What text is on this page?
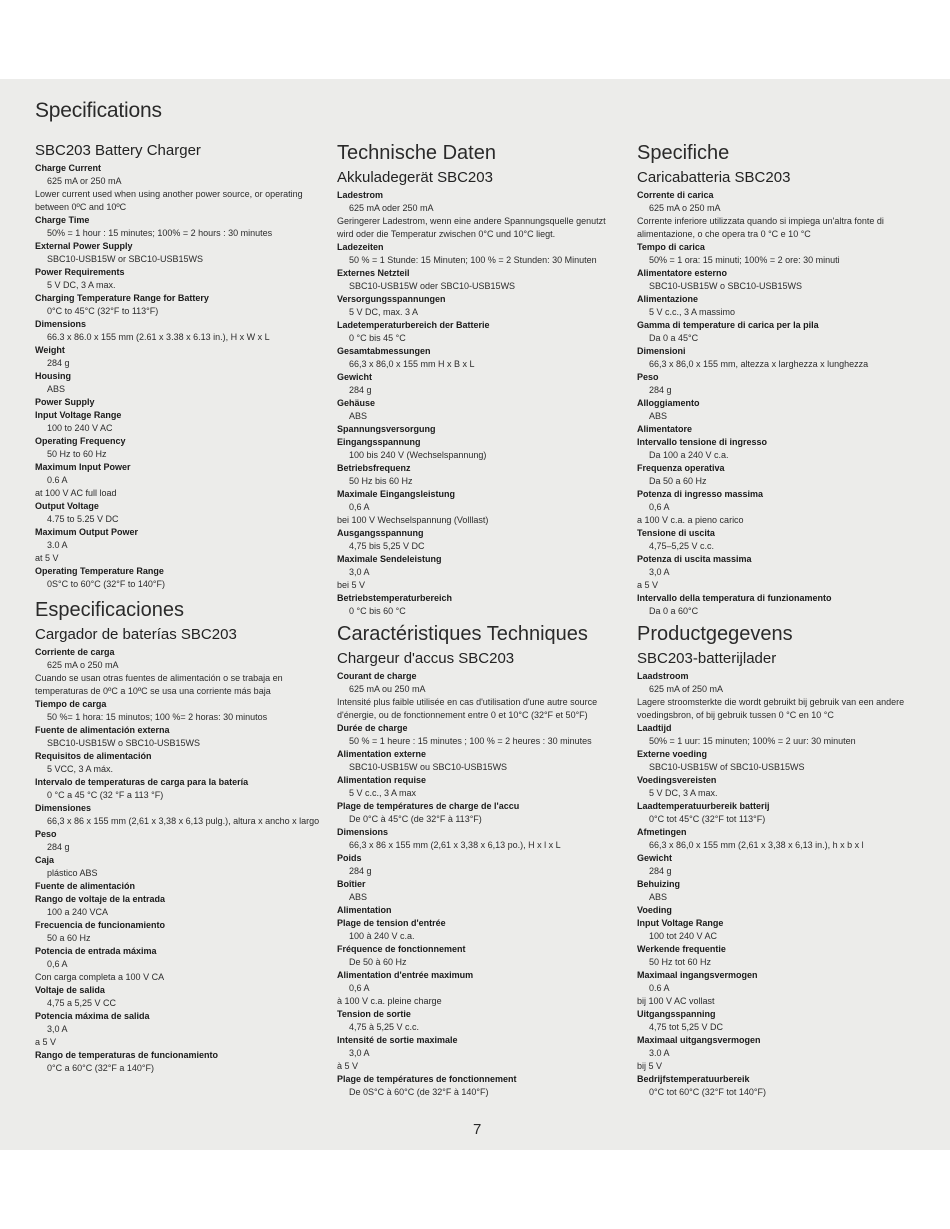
Specifications
SBC203 Battery Charger
Charge Current
625 mA or 250 mA
Lower current used when using another power source, or operating between 0ºC and 10ºC
Charge Time
50% = 1 hour : 15 minutes; 100% = 2 hours : 30 minutes
External Power Supply
SBC10-USB15W or SBC10-USB15WS
Power Requirements
5 V DC, 3 A max.
Charging Temperature Range for Battery
0°C to 45°C (32°F to 113°F)
Dimensions
66.3 x 86.0 x 155 mm (2.61 x 3.38 x 6.13 in.), H x W x L
Weight
284 g
Housing
ABS
Power Supply
Input Voltage Range
100 to 240 V AC
Operating Frequency
50 Hz to 60 Hz
Maximum Input Power
0.6 A
at 100 V AC full load
Output Voltage
4.75 to 5.25 V DC
Maximum Output Power
3.0 A
at 5 V
Operating Temperature Range
0S°C to 60°C (32°F to 140°F)
Technische Daten
Akkuladegerät SBC203
Ladestrom
625 mA oder 250 mA
Geringerer Ladestrom, wenn eine andere Spannungsquelle genutzt wird oder die Temperatur zwischen 0°C und 10°C liegt.
Ladezeiten
50 % = 1 Stunde: 15 Minuten; 100 % = 2 Stunden: 30 Minuten
Externes Netzteil
SBC10-USB15W oder SBC10-USB15WS
Versorgungsspannungen
5 V DC, max. 3 A
Ladetemperaturbereich der Batterie
0 °C bis 45 °C
Gesamtabmessungen
66,3 x 86,0 x 155 mm H x B x L
Gewicht
284 g
Gehäuse
ABS
Spannungsversorgung
Eingangsspannung
100 bis 240 V (Wechselspannung)
Betriebsfrequenz
50 Hz bis 60 Hz
Maximale Eingangsleistung
0,6 A
bei 100 V Wechselspannung (Volllast)
Ausgangsspannung
4,75 bis 5,25 V DC
Maximale Sendeleistung
3,0 A
bei 5 V
Betriebstemperaturbereich
0 °C bis 60 °C
Specifiche
Caricabatteria SBC203
Corrente di carica
625 mA o 250 mA
Corrente inferiore utilizzata quando si impiega un'altra fonte di alimentazione, o che opera tra 0 °C e 10 °C
Tempo di carica
50% = 1 ora: 15 minuti; 100% = 2 ore: 30 minuti
Alimentatore esterno
SBC10-USB15W o SBC10-USB15WS
Alimentazione
5 V c.c., 3 A massimo
Gamma di temperature di carica per la pila
Da 0 a 45°C
Dimensioni
66,3 x 86,0 x 155 mm, altezza x larghezza x lunghezza
Peso
284 g
Alloggiamento
ABS
Alimentatore
Intervallo tensione di ingresso
Da 100 a 240 V c.a.
Frequenza operativa
Da 50 a 60 Hz
Potenza di ingresso massima
0,6 A
a 100 V c.a. a pieno carico
Tensione di uscita
4,75–5,25 V c.c.
Potenza di uscita massima
3,0 A
a 5 V
Intervallo della temperatura di funzionamento
Da 0 a 60°C
Especificaciones
Cargador de baterías SBC203
Corriente de carga
625 mA o 250 mA
Cuando se usan otras fuentes de alimentación o se trabaja en temperaturas de 0ºC a 10ºC se usa una corriente más baja
Tiempo de carga
50 %= 1 hora: 15 minutos; 100 %= 2 horas: 30 minutos
Fuente de alimentación externa
SBC10-USB15W o SBC10-USB15WS
Requisitos de alimentación
5 VCC, 3 A máx.
Intervalo de temperaturas de carga para la batería
0 °C a 45 °C (32 °F a 113 °F)
Dimensiones
66,3 x 86 x 155 mm (2,61 x 3,38 x 6,13 pulg.), altura x ancho x largo
Peso
284 g
Caja
plástico ABS
Fuente de alimentación
Rango de voltaje de la entrada
100 a 240 VCA
Frecuencia de funcionamiento
50 a 60 Hz
Potencia de entrada máxima
0,6 A
Con carga completa a 100 V CA
Voltaje de salida
4,75 a 5,25 V CC
Potencia máxima de salida
3,0 A
a 5 V
Rango de temperaturas de funcionamiento
0°C a 60°C (32°F a 140°F)
Caractéristiques Techniques
Chargeur d'accus SBC203
Courant de charge
625 mA ou 250 mA
Intensité plus faible utilisée en cas d'utilisation d'une autre source d'énergie, ou de fonctionnement entre 0 et 10°C (32°F et 50°F)
Durée de charge
50 % = 1 heure : 15 minutes ; 100 % = 2 heures : 30 minutes
Alimentation externe
SBC10-USB15W ou SBC10-USB15WS
Alimentation requise
5 V c.c., 3 A max
Plage de températures de charge de l'accu
De 0°C à 45°C (de 32°F à 113°F)
Dimensions
66,3 x 86 x 155 mm (2,61 x 3,38 x 6,13 po.), H x l x L
Poids
284 g
Boîtier
ABS
Alimentation
Plage de tension d'entrée
100 à 240 V c.a.
Fréquence de fonctionnement
De 50 à 60 Hz
Alimentation d'entrée maximum
0,6 A
à 100 V c.a. pleine charge
Tension de sortie
4,75 à 5,25 V c.c.
Intensité de sortie maximale
3,0 A
à 5 V
Plage de températures de fonctionnement
De 0S°C à 60°C (de 32°F à 140°F)
Productgegevens
SBC203-batterijlader
Laadstroom
625 mA of 250 mA
Lagere stroomsterkte die wordt gebruikt bij gebruik van een andere voedingsbron, of bij gebruik tussen 0 °C en 10 °C
Laadtijd
50% = 1 uur: 15 minuten; 100% = 2 uur: 30 minuten
Externe voeding
SBC10-USB15W of SBC10-USB15WS
Voedingsvereisten
5 V DC, 3 A max.
Laadtemperatuurbereik batterij
0°C tot 45°C (32°F tot 113°F)
Afmetingen
66,3 x 86,0 x 155 mm (2,61 x 3,38 x 6,13 in.), h x b x l
Gewicht
284 g
Behuizing
ABS
Voeding
Input Voltage Range
100 tot 240 V AC
Werkende frequentie
50 Hz tot 60 Hz
Maximaal ingangsvermogen
0.6 A
bij 100 V AC vollast
Uitgangsspanning
4,75 tot 5,25 V DC
Maximaal uitgangsvermogen
3.0 A
bij 5 V
Bedrijfstemperatuurbereik
0°C tot 60°C (32°F tot 140°F)
7
